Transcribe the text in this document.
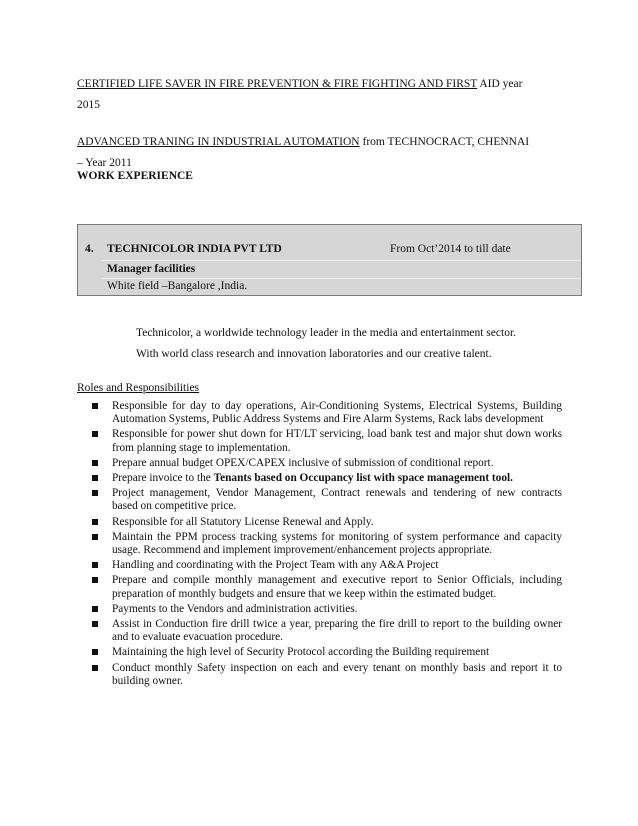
CERTIFIED LIFE SAVER IN FIRE PREVENTION & FIRE FIGHTING AND FIRST AID year
2015
ADVANCED TRANING IN INDUSTRIAL AUTOMATION from TECHNOCRACT, CHENNAI
– Year 2011
WORK EXPERIENCE
4. TECHNICOLOR INDIA PVT LTD	From Oct’2014 to till date
Manager facilities
White field –Bangalore ,India.
Technicolor, a worldwide technology leader in the media and entertainment sector.
With world class research and innovation laboratories and our creative talent.
Roles and Responsibilities
Responsible for day to day operations, Air-Conditioning Systems, Electrical Systems, Building Automation Systems, Public Address Systems and Fire Alarm Systems, Rack labs development
Responsible for power shut down for HT/LT servicing, load bank test and major shut down works from planning stage to implementation.
Prepare annual budget OPEX/CAPEX inclusive of submission of conditional report.
Prepare invoice to the Tenants based on Occupancy list with space management tool.
Project management, Vendor Management, Contract renewals and tendering of new contracts based on competitive price.
Responsible for all Statutory License Renewal and Apply.
Maintain the PPM process tracking systems for monitoring of system performance and capacity usage. Recommend and implement improvement/enhancement projects appropriate.
Handling and coordinating with the Project Team with any A&A Project
Prepare and compile monthly management and executive report to Senior Officials, including preparation of monthly budgets and ensure that we keep within the estimated budget.
Payments to the Vendors and administration activities.
Assist in Conduction fire drill twice a year, preparing the fire drill to report to the building owner and to evaluate evacuation procedure.
Maintaining the high level of Security Protocol according the Building requirement
Conduct monthly Safety inspection on each and every tenant on monthly basis and report it to building owner.
